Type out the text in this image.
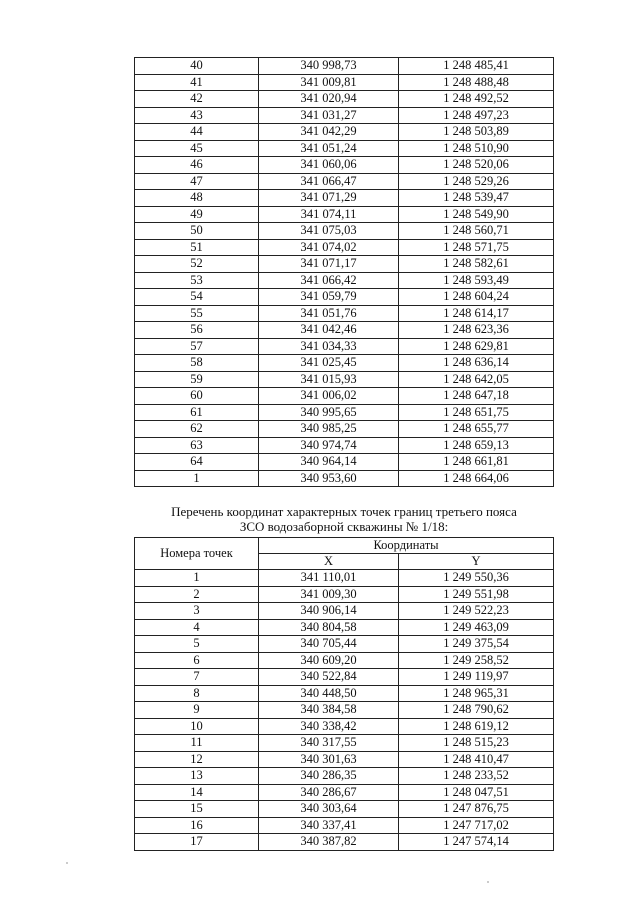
40	340 998,73	1 248 485,41
41	341 009,81	1 248 488,48
42	341 020,94	1 248 492,52
43	341 031,27	1 248 497,23
44	341 042,29	1 248 503,89
45	341 051,24	1 248 510,90
46	341 060,06	1 248 520,06
47	341 066,47	1 248 529,26
48	341 071,29	1 248 539,47
49	341 074,11	1 248 549,90
50	341 075,03	1 248 560,71
51	341 074,02	1 248 571,75
52	341 071,17	1 248 582,61
53	341 066,42	1 248 593,49
54	341 059,79	1 248 604,24
55	341 051,76	1 248 614,17
56	341 042,46	1 248 623,36
57	341 034,33	1 248 629,81
58	341 025,45	1 248 636,14
59	341 015,93	1 248 642,05
60	341 006,02	1 248 647,18
61	340 995,65	1 248 651,75
62	340 985,25	1 248 655,77
63	340 974,74	1 248 659,13
64	340 964,14	1 248 661,81
1	340 953,60	1 248 664,06
Перечень координат характерных точек границ третьего пояса
ЗСО водозаборной скважины № 1/18:
Номера точек	Координаты	
	X	Y
1	341 110,01	1 249 550,36
2	341 009,30	1 249 551,98
3	340 906,14	1 249 522,23
4	340 804,58	1 249 463,09
5	340 705,44	1 249 375,54
6	340 609,20	1 249 258,52
7	340 522,84	1 249 119,97
8	340 448,50	1 248 965,31
9	340 384,58	1 248 790,62
10	340 338,42	1 248 619,12
11	340 317,55	1 248 515,23
12	340 301,63	1 248 410,47
13	340 286,35	1 248 233,52
14	340 286,67	1 248 047,51
15	340 303,64	1 247 876,75
16	340 337,41	1 247 717,02
17	340 387,82	1 247 574,14
